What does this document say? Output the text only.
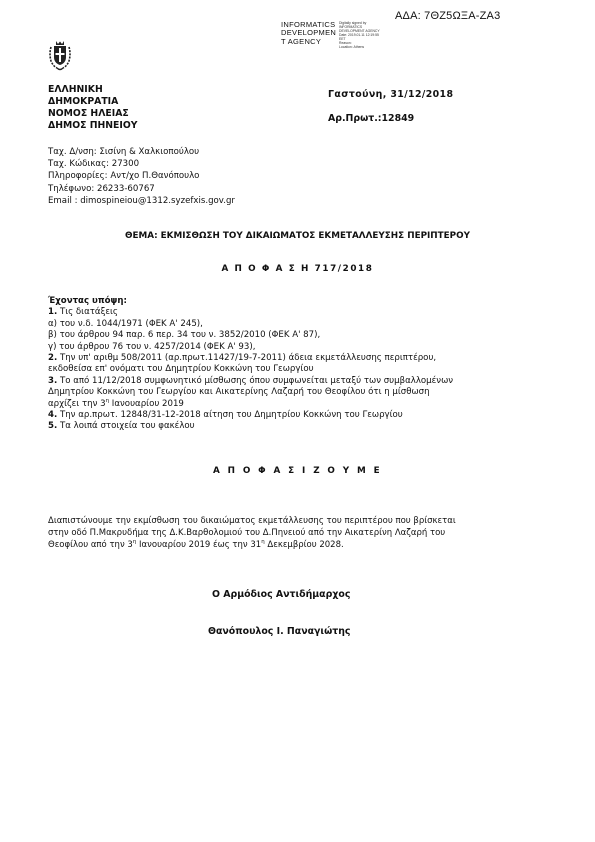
ΑΔΑ: 7ΘΖ5ΩΞΑ-ΖΑ3
INFORMATICS
DEVELOPMEN
T AGENCY
Digitally signed by
INFORMATICS
DEVELOPMENT AGENCY
Date: 2019.01.11 12:19:55
EET
Reason:
Location: Athens
ΕΛΛΗΝΙΚΗ
ΔΗΜΟΚΡΑΤΙΑ
ΝΟΜΟΣ ΗΛΕΙΑΣ
ΔΗΜΟΣ ΠΗΝΕΙΟΥ
Γαστούνη, 31/12/2018
Αρ.Πρωτ.:12849
Ταχ. Δ/νση: Σισίνη & Χαλκιοπούλου
Ταχ. Κώδικας: 27300
Πληροφορίες: Αντ/χο Π.Θανόπουλο
Τηλέφωνο: 26233-60767
Email : dimospineiou@1312.syzefxis.gov.gr
ΘΕΜΑ: ΕΚΜΙΣΘΩΣΗ ΤΟΥ ΔΙΚΑΙΩΜΑΤΟΣ ΕΚΜΕΤΑΛΛΕΥΣΗΣ ΠΕΡΙΠΤΕΡΟΥ
Α Π Ο Φ Α Σ Η 717/2018
Έχοντας υπόψη:
1. Τις διατάξεις
α) του ν.δ. 1044/1971 (ΦΕΚ Α' 245),
β) του άρθρου 94 παρ. 6 περ. 34 του ν. 3852/2010 (ΦΕΚ Α' 87),
γ) του άρθρου 76 του ν. 4257/2014 (ΦΕΚ Α' 93),
2. Την υπ' αριθμ 508/2011 (αρ.πρωτ.11427/19-7-2011) άδεια εκμετάλλευσης περιπτέρου,
εκδοθείσα επ' ονόματι του Δημητρίου Κοκκώνη του Γεωργίου
3. Το από 11/12/2018 συμφωνητικό μίσθωσης όπου συμφωνείται μεταξύ των συμβαλλομένων
Δημητρίου Κοκκώνη του Γεωργίου και Αικατερίνης Λαζαρή του Θεοφίλου ότι η μίσθωση
αρχίζει την $3^\eta$ Ιανουαρίου 2019
4. Την αρ.πρωτ. 12848/31-12-2018 αίτηση του Δημητρίου Κοκκώνη του Γεωργίου
5. Τα λοιπά στοιχεία του φακέλου
Α Π Ο Φ Α Σ Ι Ζ Ο Υ Μ Ε
Διαπιστώνουμε την εκμίσθωση του δικαιώματος εκμετάλλευσης του περιπτέρου που βρίσκεται
στην οδό Π.Μακρυδήμα της Δ.Κ.Βαρθολομιού του Δ.Πηνειού από την Αικατερίνη Λαζαρή του
Θεοφίλου από την $3^\eta$ Ιανουαρίου 2019 έως την $31^\eta$ Δεκεμβρίου 2028.
Ο Αρμόδιος Αντιδήμαρχος
Θανόπουλος Ι. Παναγιώτης
